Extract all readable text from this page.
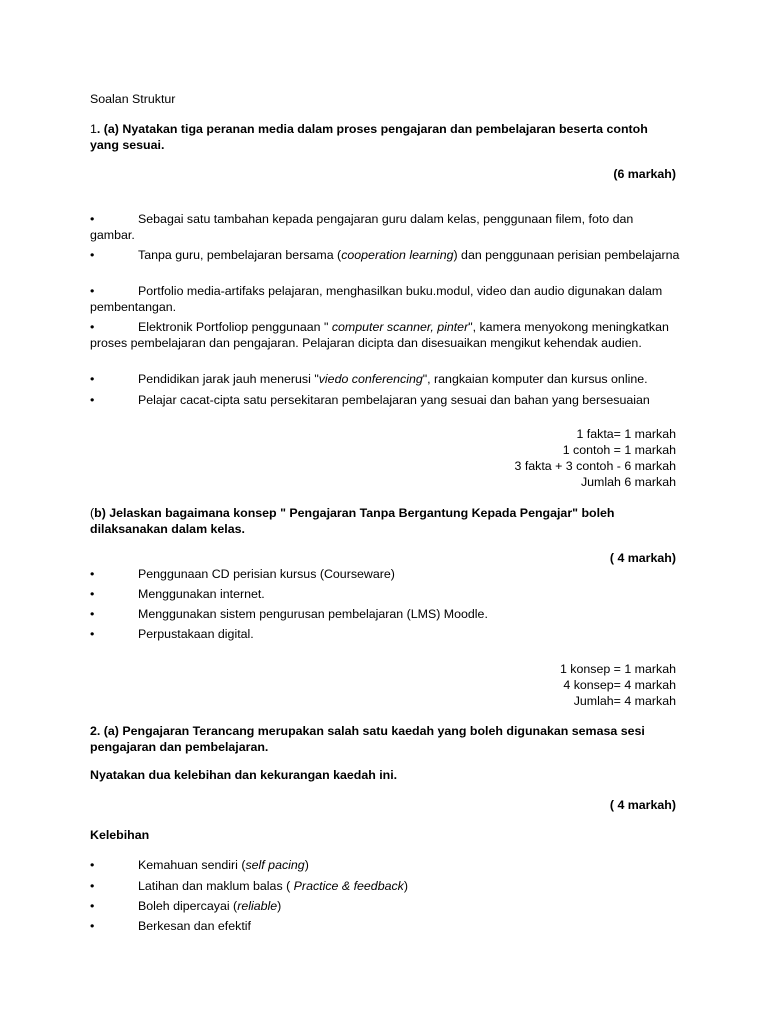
Soalan Struktur

1. (a) Nyatakan tiga peranan media dalam proses pengajaran dan pembelajaran beserta contoh yang sesuai.

(6 markah)

•	Sebagai satu tambahan kepada pengajaran guru dalam kelas, penggunaan filem, foto dan gambar.
•	Tanpa guru, pembelajaran bersama (cooperation learning) dan penggunaan perisian pembelajarna
•	Portfolio media-artifaks pelajaran, menghasilkan buku.modul, video dan audio digunakan dalam pembentangan.
•	Elektronik Portfoliop penggunaan " computer scanner, pinter", kamera menyokong meningkatkan proses pembelajaran dan pengajaran. Pelajaran dicipta dan disesuaikan mengikut kehendak audien.
•	Pendidikan jarak jauh menerusi "viedo conferencing", rangkaian komputer dan kursus online.
•	Pelajar cacat-cipta satu persekitaran pembelajaran yang sesuai dan bahan yang bersesuaian
1 fakta= 1 markah
1 contoh = 1 markah
3 fakta + 3 contoh - 6 markah
Jumlah 6 markah

(b) Jelaskan bagaimana konsep " Pengajaran Tanpa Bergantung Kepada Pengajar" boleh dilaksanakan dalam kelas.

( 4 markah)

•	Penggunaan CD perisian kursus (Courseware)
•	Menggunakan internet.
•	Menggunakan sistem pengurusan pembelajaran (LMS) Moodle.
•	Perpustakaan digital.
1 konsep = 1 markah
4 konsep= 4 markah
Jumlah= 4 markah

2. (a) Pengajaran Terancang merupakan salah satu kaedah yang boleh digunakan semasa sesi pengajaran dan pembelajaran.

Nyatakan dua kelebihan dan kekurangan kaedah ini.

( 4 markah)

Kelebihan

•	Kemahuan sendiri (self pacing)
•	Latihan dan maklum balas ( Practice & feedback)
•	Boleh dipercayai (reliable)
•	Berkesan dan efektif
